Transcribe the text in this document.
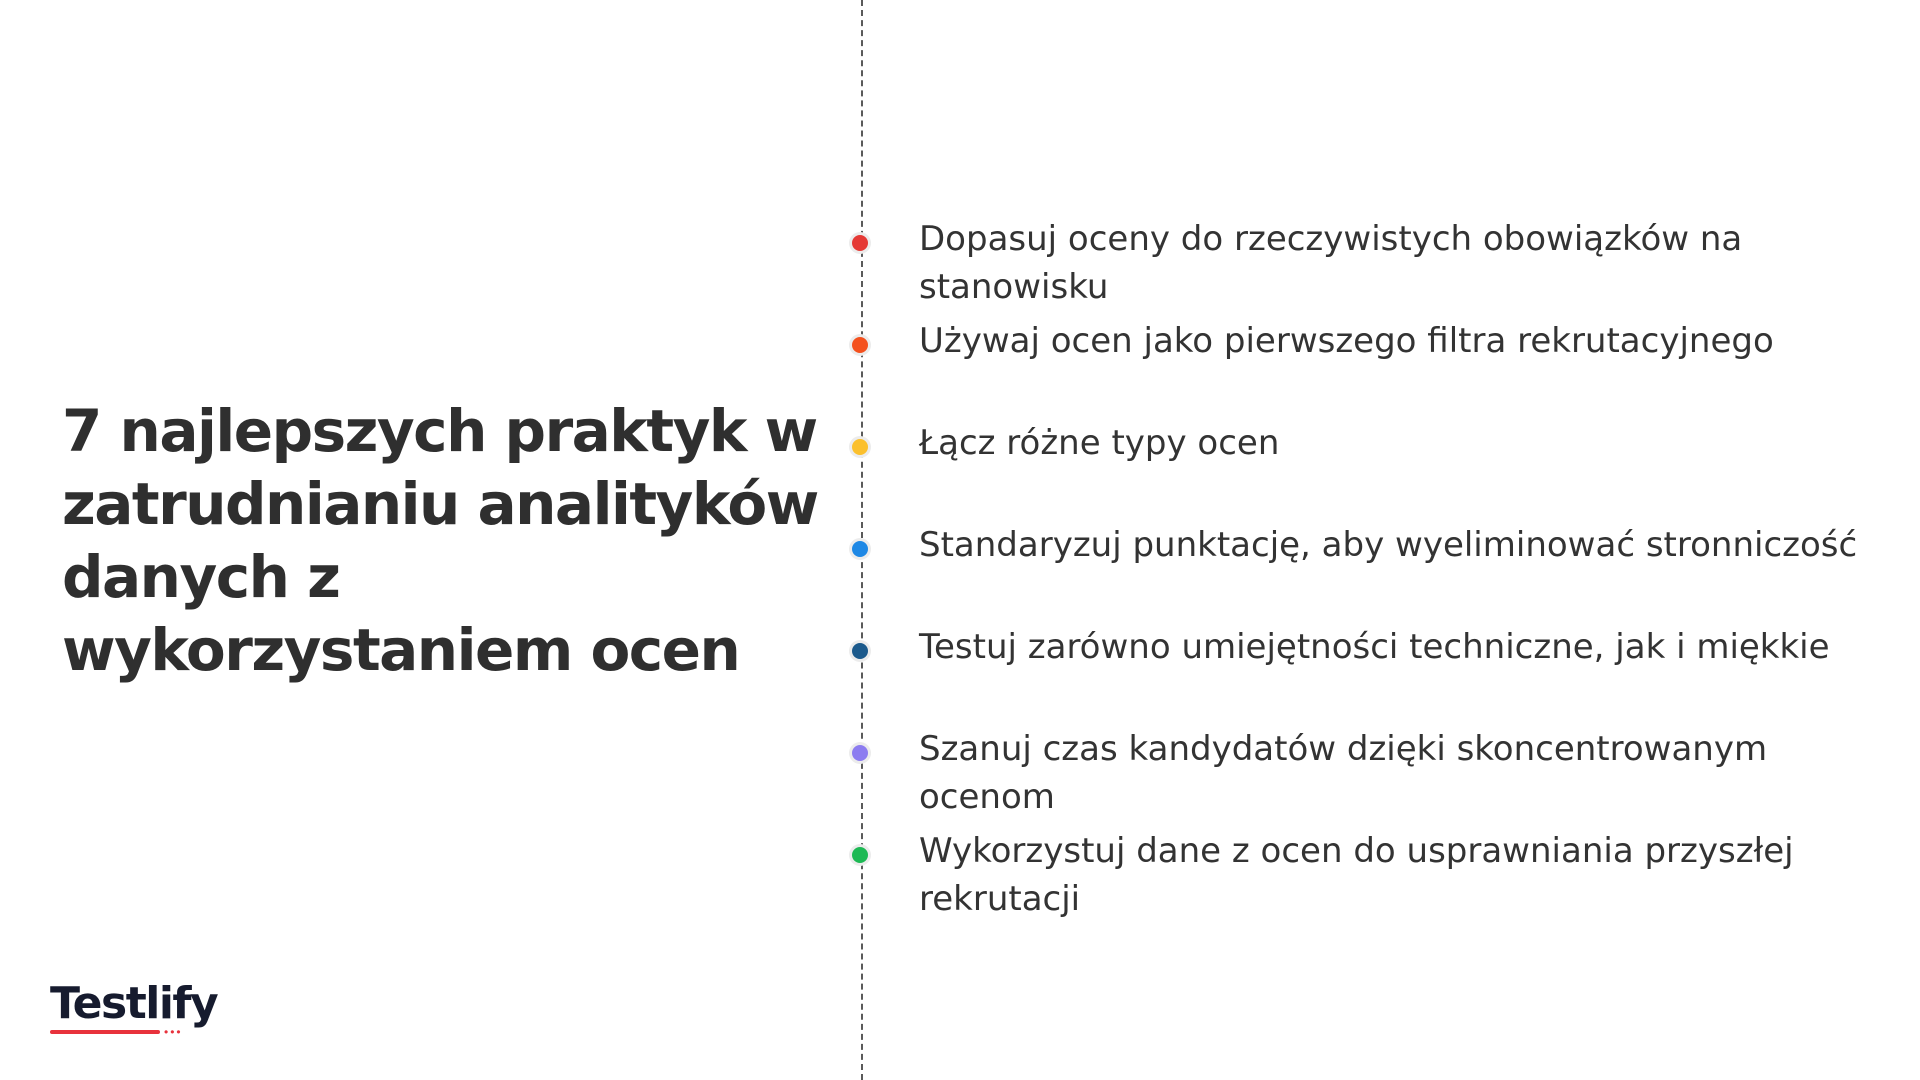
7 najlepszych praktyk w zatrudnianiu analityków danych z wykorzystaniem ocen
Dopasuj oceny do rzeczywistych obowiązków na stanowisku
Używaj ocen jako pierwszego filtra rekrutacyjnego
Łącz różne typy ocen
Standaryzuj punktację, aby wyeliminować stronniczość
Testuj zarówno umiejętności techniczne, jak i miękkie
Szanuj czas kandydatów dzięki skoncentrowanym ocenom
Wykorzystuj dane z ocen do usprawniania przyszłej rekrutacji
Testlify
•••
